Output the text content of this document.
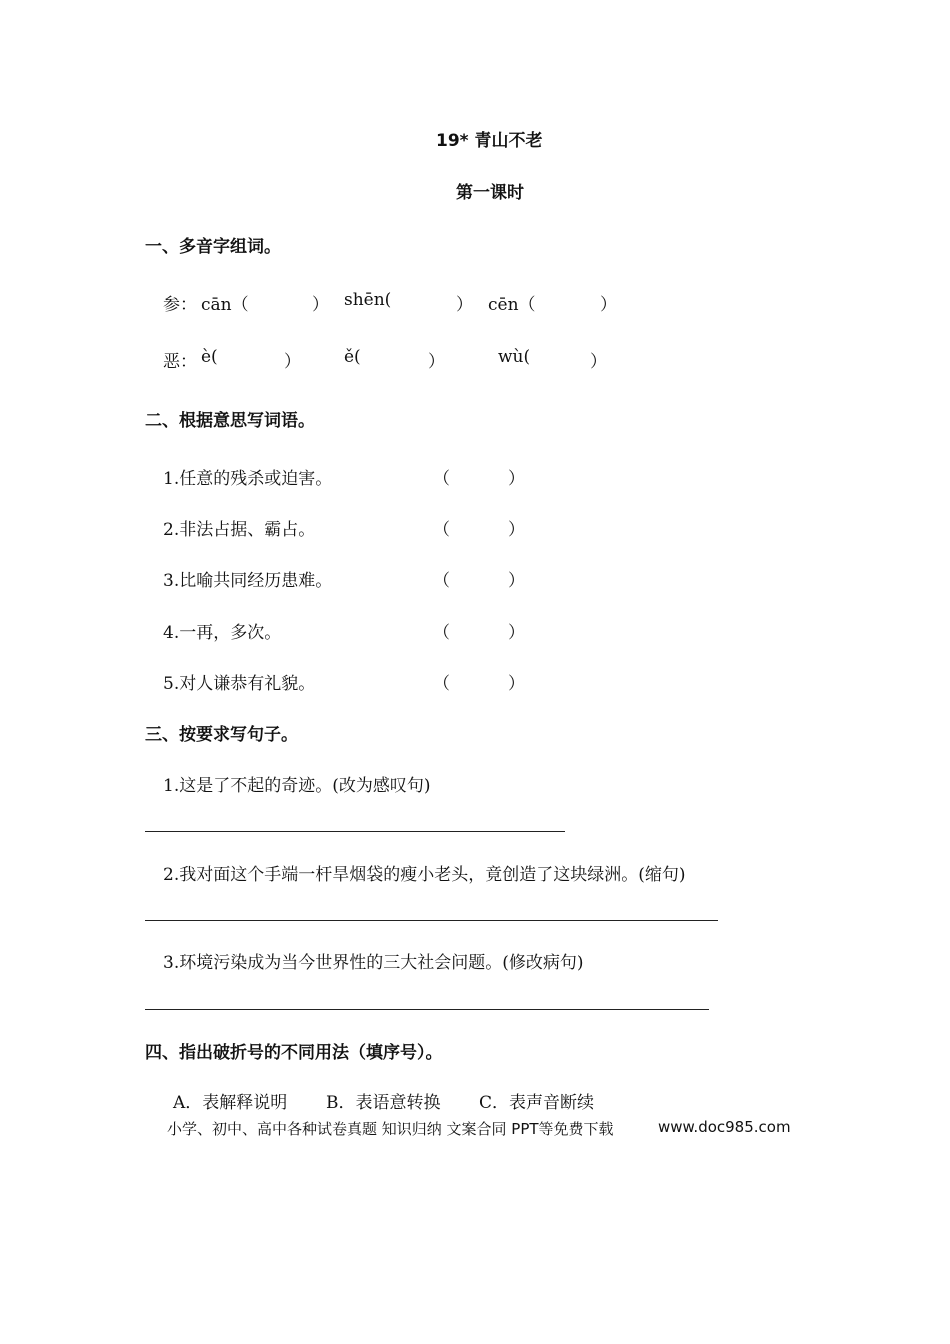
19* 青山不老
第一课时
一、多音字组词。
参： cān（	） shēn(	） cēn（	）
恶： è(	）	ě(	）	wù(	）
二、根据意思写词语。
1.任意的残杀或迫害。	（	）
2.非法占据、霸占。	（	）
3.比喻共同经历患难。	（	）
4.一再，多次。	（	）
5.对人谦恭有礼貌。	（	）
三、按要求写句子。
1.这是了不起的奇迹。(改为感叹句)
2.我对面这个手端一杆旱烟袋的瘦小老头，竟创造了这块绿洲。(缩句)
3.环境污染成为当今世界性的三大社会问题。(修改病句)
四、指出破折号的不同用法（填序号）。
A．表解释说明 B．表语意转换 C．表声音断续
小学、初中、高中各种试卷真题 知识归纳 文案合同 PPT等免费下载	www.doc985.com
